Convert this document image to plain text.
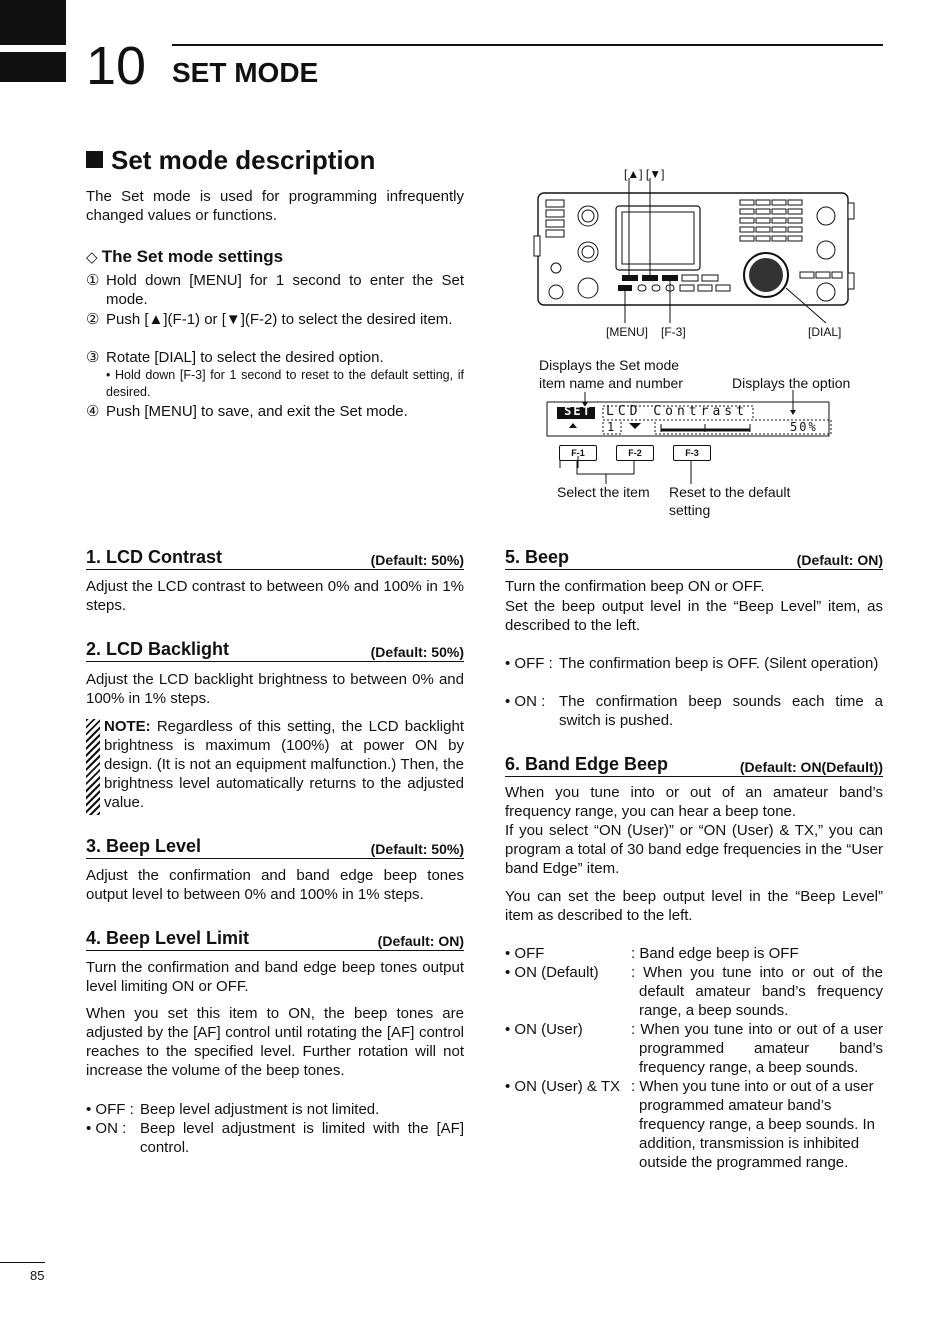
10 SET MODE
Set mode description
The Set mode is used for programming infrequently changed values or functions.
◇ The Set mode settings
① Hold down [MENU] for 1 second to enter the Set mode.
② Push [▲](F-1) or [▼](F-2) to select the desired item.
③ Rotate [DIAL] to select the desired option.
• Hold down [F-3] for 1 second to reset to the default setting, if desired.
④ Push [MENU] to save, and exit the Set mode.
[▲] [▼]
[MENU] [F-3]	[DIAL]
Displays the Set mode item name and number	Displays the option
SET	LCD Contrast
1	50%
F-1	F-2	F-3
Select the item Reset to the default setting
1. LCD Contrast	(Default: 50%)
Adjust the LCD contrast to between 0% and 100% in 1% steps.
2. LCD Backlight	(Default: 50%)
Adjust the LCD backlight brightness to between 0% and 100% in 1% steps.
NOTE: Regardless of this setting, the LCD backlight brightness is maximum (100%) at power ON by design. (It is not an equipment malfunction.) Then, the brightness level automatically returns to the adjusted value.
3. Beep Level	(Default: 50%)
Adjust the confirmation and band edge beep tones output level to between 0% and 100% in 1% steps.
4. Beep Level Limit	(Default: ON)
Turn the confirmation and band edge beep tones output level limiting ON or OFF.
When you set this item to ON, the beep tones are adjusted by the [AF] control until rotating the [AF] control reaches to the specified level. Further rotation will not increase the volume of the beep tones.
• OFF : Beep level adjustment is not limited.
• ON : Beep level adjustment is limited with the [AF] control.
5. Beep	(Default: ON)
Turn the confirmation beep ON or OFF.
Set the beep output level in the “Beep Level” item, as described to the left.
• OFF : The confirmation beep is OFF. (Silent operation)
• ON : The confirmation beep sounds each time a switch is pushed.
6. Band Edge Beep	(Default: ON(Default))
When you tune into or out of an amateur band’s frequency range, you can hear a beep tone.
If you select “ON (User)” or “ON (User) & TX,” you can program a total of 30 band edge frequencies in the “User band Edge” item.
You can set the beep output level in the “Beep Level” item as described to the left.
• OFF	: Band edge beep is OFF
• ON (Default)	: When you tune into or out of the default amateur band’s frequency range, a beep sounds.
• ON (User)	: When you tune into or out of a user programmed amateur band’s frequency range, a beep sounds.
• ON (User) & TX : When you tune into or out of a user programmed amateur band’s frequency range, a beep sounds. In addition, transmission is inhibited outside the programmed range.
85
